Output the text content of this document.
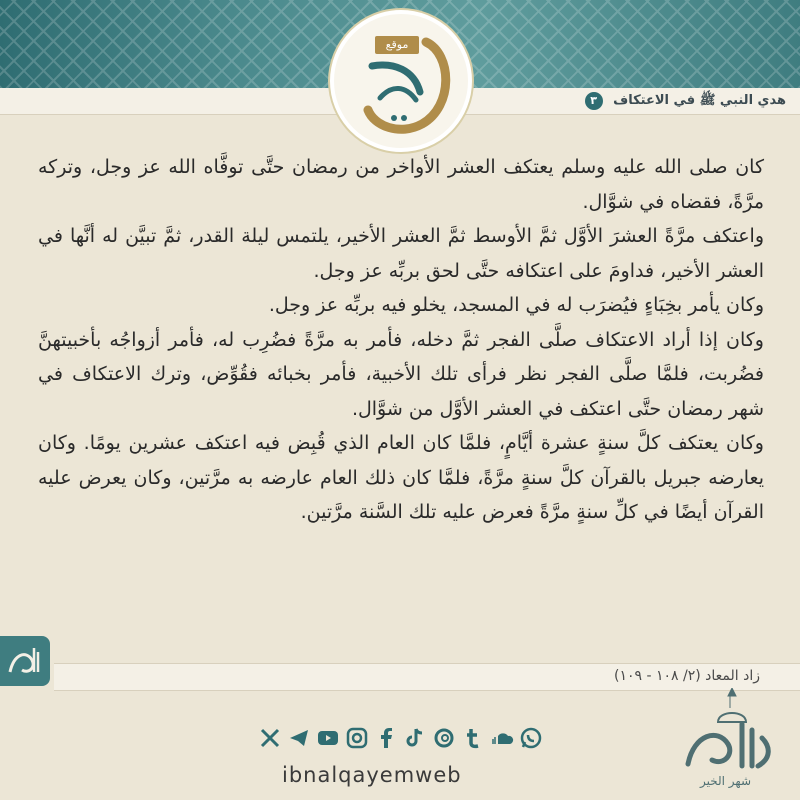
هدي النبي ﷺ في الاعتكاف ٣
موقع

كان صلى الله عليه وسلم يعتكف العشر الأواخر من رمضان حتَّى توفَّاه الله عز وجل، وتركه مرَّةً، فقضاه في شوَّال.

واعتكف مرَّةً العشرَ الأوَّل ثمَّ الأوسط ثمَّ العشر الأخير، يلتمس ليلة القدر، ثمَّ تبيَّن له أنَّها في العشر الأخير، فداومَ على اعتكافه حتَّى لحق بربِّه عز وجل.

وكان يأمر بخِبَاءٍ فيُضرَب له في المسجد، يخلو فيه بربِّه عز وجل.

وكان إذا أراد الاعتكاف صلَّى الفجر ثمَّ دخله، فأمر به مرَّةً فضُرِب له، فأمر أزواجُه بأخبيتهنَّ فضُربت، فلمَّا صلَّى الفجر نظر فرأى تلك الأخبية، فأمر بخبائه فقُوِّض، وترك الاعتكاف في شهر رمضان حتَّى اعتكف في العشر الأوَّل من شوَّال.

وكان يعتكف كلَّ سنةٍ عشرة أيَّامٍ، فلمَّا كان العام الذي قُبِض فيه اعتكف عشرين يومًا. وكان يعارضه جبريل بالقرآن كلَّ سنةٍ مرَّةً، فلمَّا كان ذلك العام عارضه به مرَّتين، وكان يعرض عليه القرآن أيضًا في كلِّ سنةٍ مرَّةً فعرض عليه تلك السَّنة مرَّتين.

زاد المعاد (٢/ ١٠٨ - ١٠٩)
ibnalqayemweb	شهر الخير
